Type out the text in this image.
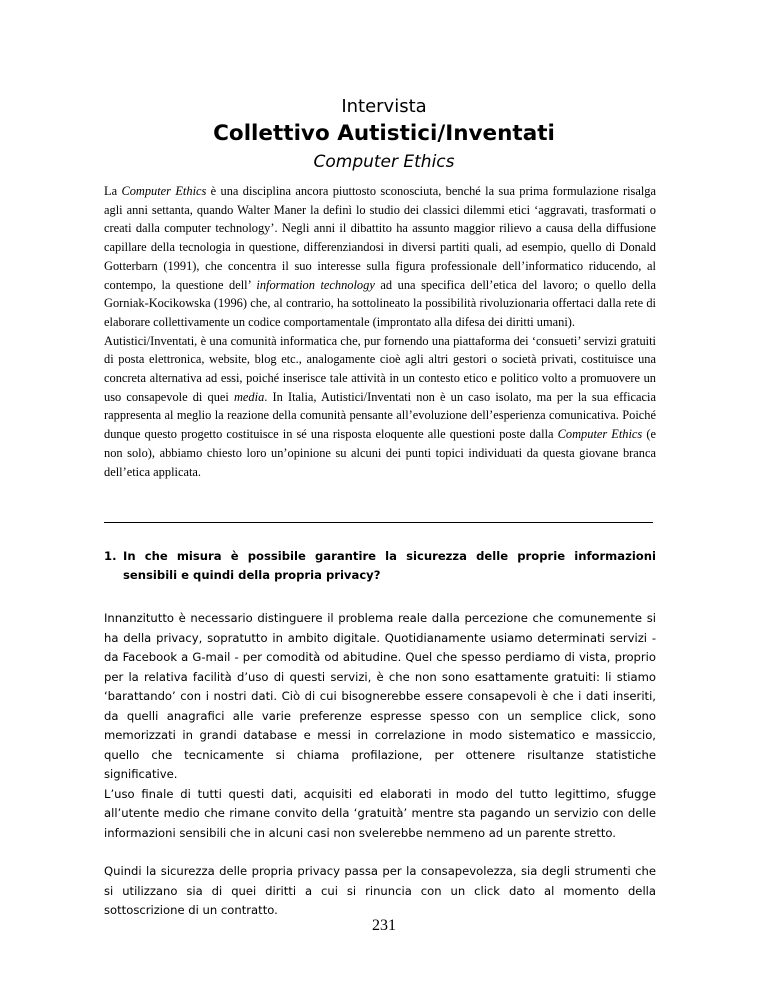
Intervista
Collettivo Autistici/Inventati
Computer Ethics

La Computer Ethics è una disciplina ancora piuttosto sconosciuta, benché la sua prima formulazione risalga agli anni settanta, quando Walter Maner la definì lo studio dei classici dilemmi etici ‘aggravati, trasformati o creati dalla computer technology’. Negli anni il dibattito ha assunto maggior rilievo a causa della diffusione capillare della tecnologia in questione, differenziandosi in diversi partiti quali, ad esempio, quello di Donald Gotterbarn (1991), che concentra il suo interesse sulla figura professionale dell’informatico riducendo, al contempo, la questione dell’ information technology ad una specifica dell’etica del lavoro; o quello della Gorniak-Kocikowska (1996) che, al contrario, ha sottolineato la possibilità rivoluzionaria offertaci dalla rete di elaborare collettivamente un codice comportamentale (improntato alla difesa dei diritti umani).

Autistici/Inventati, è una comunità informatica che, pur fornendo una piattaforma dei ‘consueti’ servizi gratuiti di posta elettronica, website, blog etc., analogamente cioè agli altri gestori o società privati, costituisce una concreta alternativa ad essi, poiché inserisce tale attività in un contesto etico e politico volto a promuovere un uso consapevole di quei media. In Italia, Autistici/Inventati non è un caso isolato, ma per la sua efficacia rappresenta al meglio la reazione della comunità pensante all’evoluzione dell’esperienza comunicativa. Poiché dunque questo progetto costituisce in sé una risposta eloquente alle questioni poste dalla Computer Ethics (e non solo), abbiamo chiesto loro un’opinione su alcuni dei punti topici individuati da questa giovane branca dell’etica applicata.

1. In che misura è possibile garantire la sicurezza delle proprie informazioni sensibili e quindi della propria privacy?

Innanzitutto è necessario distinguere il problema reale dalla percezione che comunemente si ha della privacy, sopratutto in ambito digitale. Quotidianamente usiamo determinati servizi - da Facebook a G-mail - per comodità od abitudine. Quel che spesso perdiamo di vista, proprio per la relativa facilità d’uso di questi servizi, è che non sono esattamente gratuiti: li stiamo ‘barattando’ con i nostri dati. Ciò di cui bisognerebbe essere consapevoli è che i dati inseriti, da quelli anagrafici alle varie preferenze espresse spesso con un semplice click, sono memorizzati in grandi database e messi in correlazione in modo sistematico e massiccio, quello che tecnicamente si chiama profilazione, per ottenere risultanze statistiche significative.

L’uso finale di tutti questi dati, acquisiti ed elaborati in modo del tutto legittimo, sfugge all’utente medio che rimane convito della ‘gratuità’ mentre sta pagando un servizio con delle informazioni sensibili che in alcuni casi non svelerebbe nemmeno ad un parente stretto.

Quindi la sicurezza delle propria privacy passa per la consapevolezza, sia degli strumenti che si utilizzano sia di quei diritti a cui si rinuncia con un click dato al momento della sottoscrizione di un contratto.

231
